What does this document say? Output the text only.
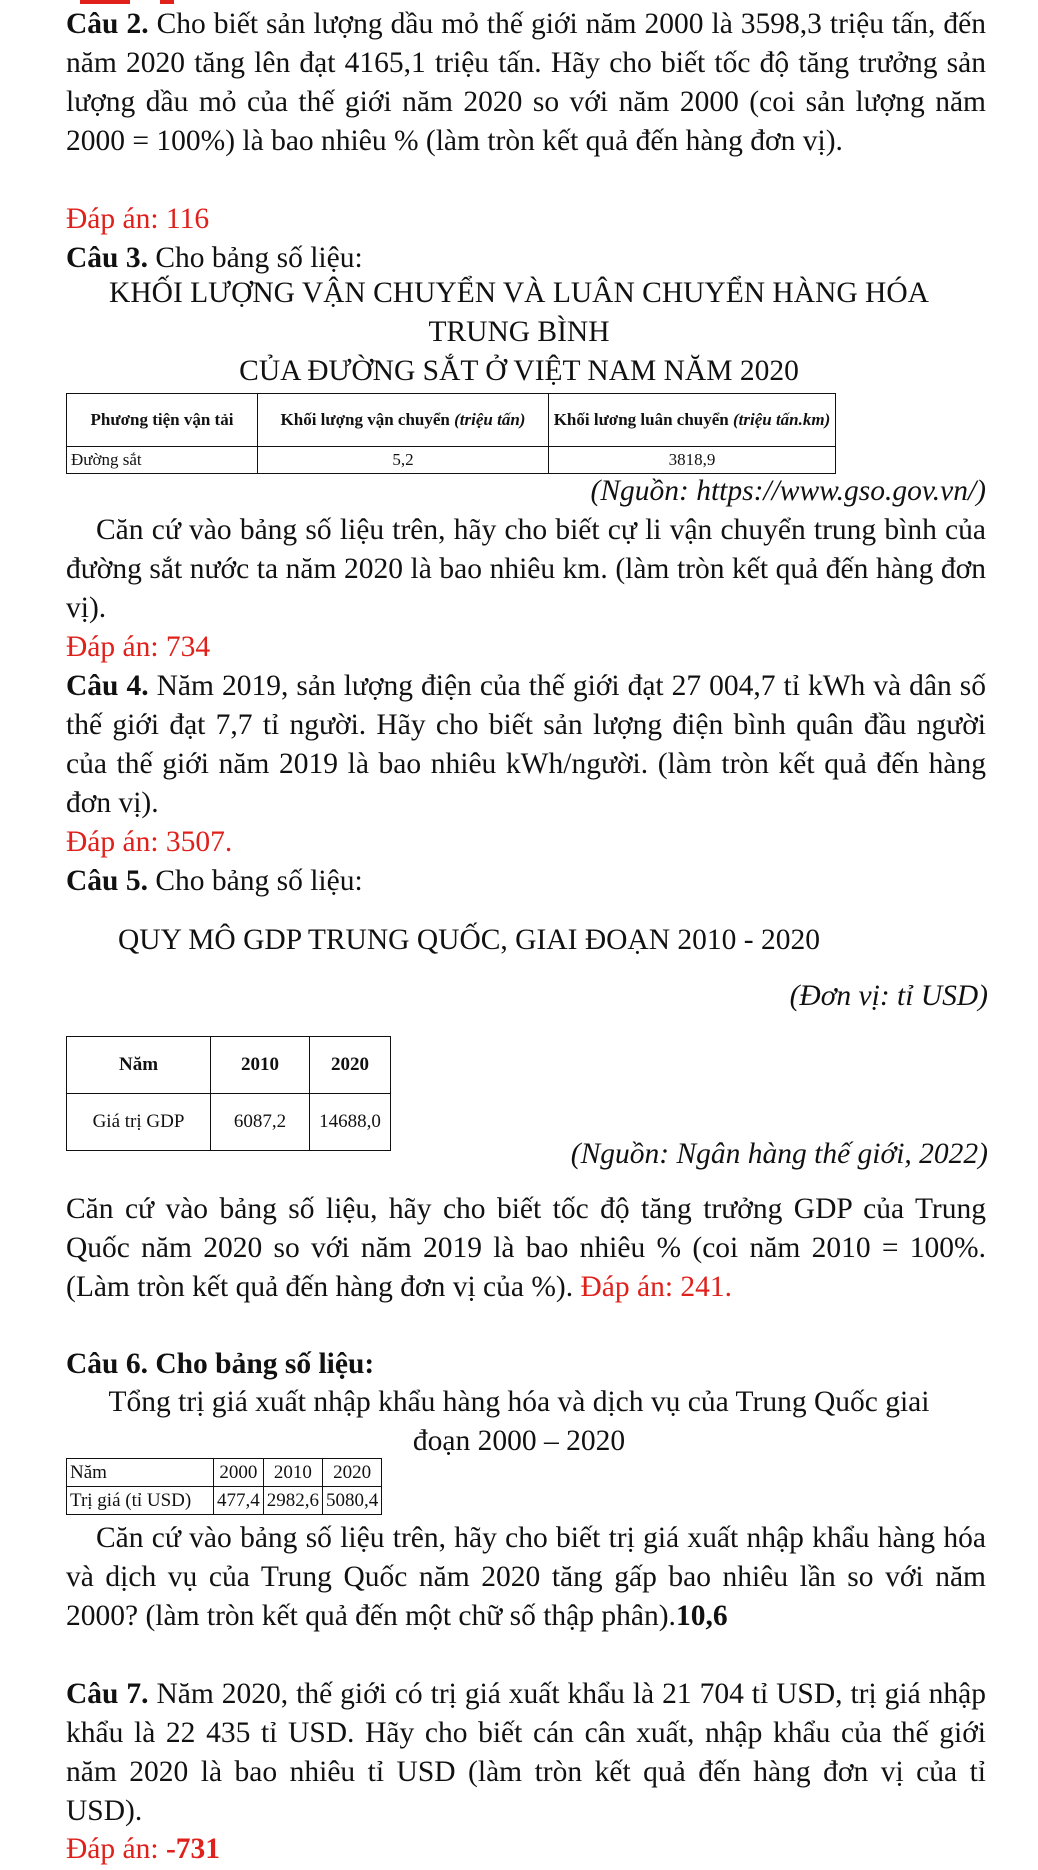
Câu 2. Cho biết sản lượng dầu mỏ thế giới năm 2000 là 3598,3 triệu tấn, đến năm 2020 tăng lên đạt 4165,1 triệu tấn. Hãy cho biết tốc độ tăng trưởng sản lượng dầu mỏ của thế giới năm 2020 so với năm 2000 (coi sản lượng năm 2000 = 100%) là bao nhiêu % (làm tròn kết quả đến hàng đơn vị).
Đáp án: 116
Câu 3. Cho bảng số liệu:
KHỐI LƯỢNG VẬN CHUYỂN VÀ LUÂN CHUYỂN HÀNG HÓA
TRUNG BÌNH
CỦA ĐƯỜNG SẮT Ở VIỆT NAM NĂM 2020
Phương tiện vận tải	Khối lượng vận chuyển (triệu tấn)	Khối lương luân chuyển (triệu tấn.km)
Đường sắt	5,2	3818,9
(Nguồn: https://www.gso.gov.vn/)
Căn cứ vào bảng số liệu trên, hãy cho biết cự li vận chuyển trung bình của đường sắt nước ta năm 2020 là bao nhiêu km. (làm tròn kết quả đến hàng đơn vị).
Đáp án: 734
Câu 4. Năm 2019, sản lượng điện của thế giới đạt 27 004,7 tỉ kWh và dân số thế giới đạt 7,7 tỉ người. Hãy cho biết sản lượng điện bình quân đầu người của thế giới năm 2019 là bao nhiêu kWh/người. (làm tròn kết quả đến hàng đơn vị).
Đáp án: 3507.
Câu 5. Cho bảng số liệu:
QUY MÔ GDP TRUNG QUỐC, GIAI ĐOẠN 2010 - 2020
(Đơn vị: tỉ USD)
Năm	2010	2020
Giá trị GDP	6087,2	14688,0
(Nguồn: Ngân hàng thế giới, 2022)
Căn cứ vào bảng số liệu, hãy cho biết tốc độ tăng trưởng GDP của Trung Quốc năm 2020 so với năm 2019 là bao nhiêu % (coi năm 2010 = 100%. (Làm tròn kết quả đến hàng đơn vị của %). Đáp án: 241.
Câu 6. Cho bảng số liệu:
Tổng trị giá xuất nhập khẩu hàng hóa và dịch vụ của Trung Quốc giai
đoạn 2000 – 2020
Năm	2000	2010	2020
Trị giá (tỉ USD)	477,4	2982,6	5080,4
Căn cứ vào bảng số liệu trên, hãy cho biết trị giá xuất nhập khẩu hàng hóa và dịch vụ của Trung Quốc năm 2020 tăng gấp bao nhiêu lần so với năm 2000? (làm tròn kết quả đến một chữ số thập phân).10,6
Câu 7. Năm 2020, thế giới có trị giá xuất khẩu là 21 704 tỉ USD, trị giá nhập khẩu là 22 435 tỉ USD. Hãy cho biết cán cân xuất, nhập khẩu của thế giới năm 2020 là bao nhiêu tỉ USD (làm tròn kết quả đến hàng đơn vị của tỉ USD).
Đáp án: -731
